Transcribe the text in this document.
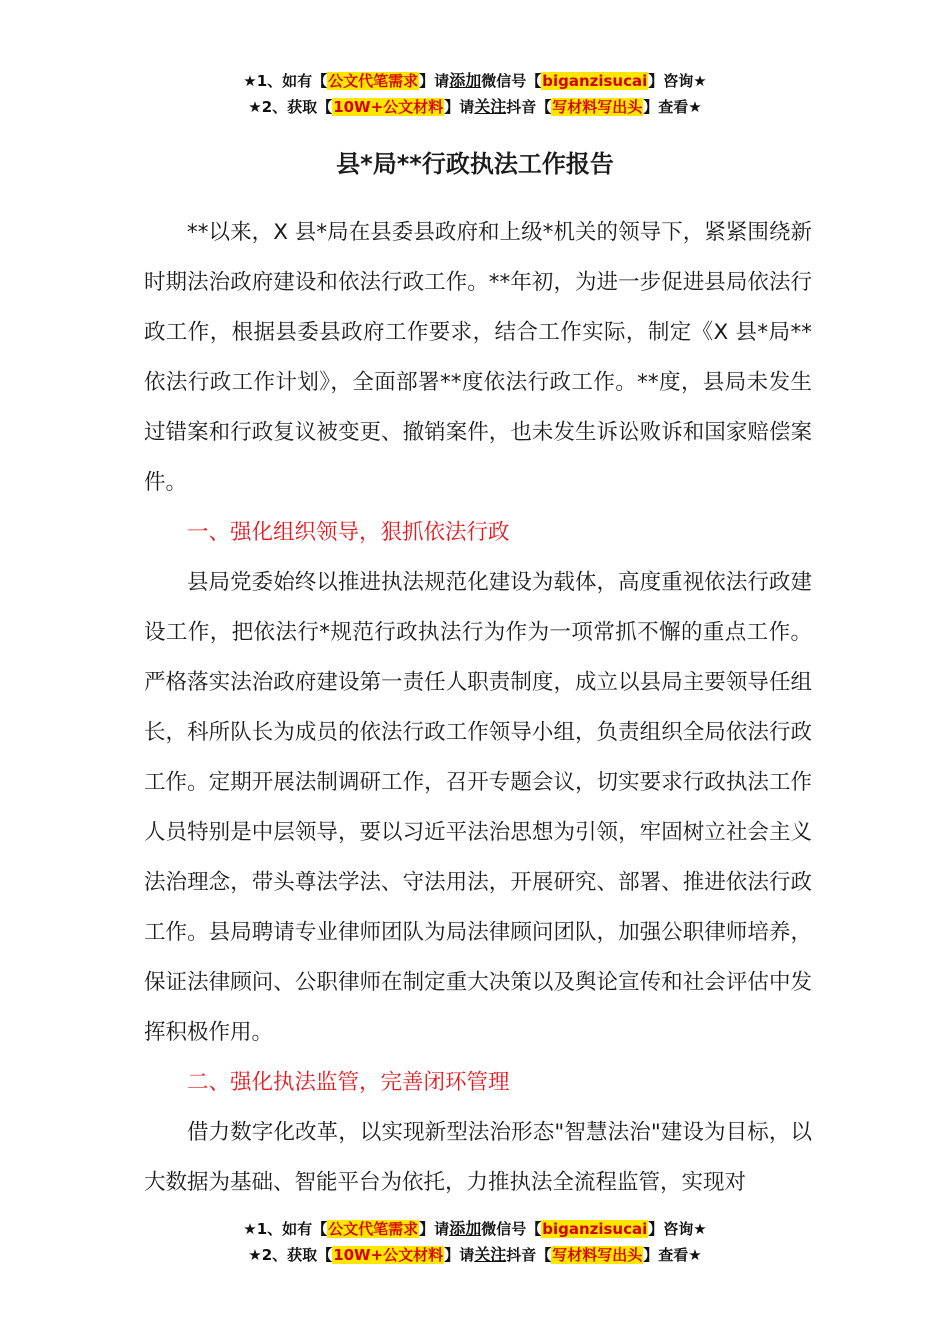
★1、如有【公文代笔需求】请添加微信号【biganzisucai】咨询★
★2、获取【10W+公文材料】请关注抖音【写材料写出头】查看★
县*局**行政执法工作报告

**以来，X 县*局在县委县政府和上级*机关的领导下，紧紧围绕新时期法治政府建设和依法行政工作。**年初，为进一步促进县局依法行政工作，根据县委县政府工作要求，结合工作实际，制定《X 县*局**依法行政工作计划》，全面部署**度依法行政工作。**度，县局未发生过错案和行政复议被变更、撤销案件，也未发生诉讼败诉和国家赔偿案件。

一、强化组织领导，狠抓依法行政

县局党委始终以推进执法规范化建设为载体，高度重视依法行政建设工作，把依法行*规范行政执法行为作为一项常抓不懈的重点工作。严格落实法治政府建设第一责任人职责制度，成立以县局主要领导任组长，科所队长为成员的依法行政工作领导小组，负责组织全局依法行政工作。定期开展法制调研工作，召开专题会议，切实要求行政执法工作人员特别是中层领导，要以习近平法治思想为引领，牢固树立社会主义法治理念，带头尊法学法、守法用法，开展研究、部署、推进依法行政工作。县局聘请专业律师团队为局法律顾问团队，加强公职律师培养，保证法律顾问、公职律师在制定重大决策以及舆论宣传和社会评估中发挥积极作用。

二、强化执法监管，完善闭环管理

借力数字化改革，以实现新型法治形态"智慧法治"建设为目标，以大数据为基础、智能平台为依托，力推执法全流程监管，实现对

★1、如有【公文代笔需求】请添加微信号【biganzisucai】咨询★
★2、获取【10W+公文材料】请关注抖音【写材料写出头】查看★
